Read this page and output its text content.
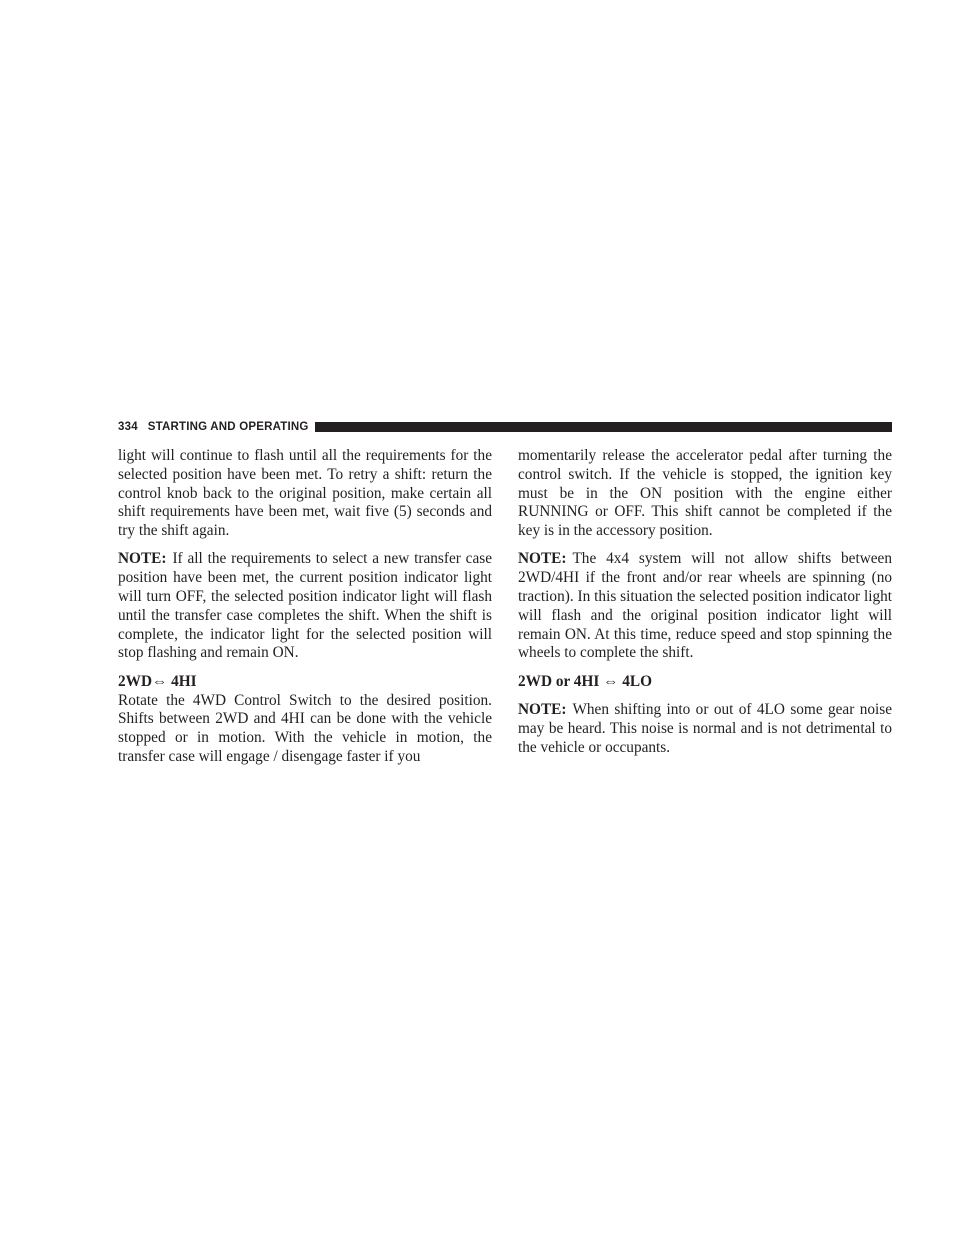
334 STARTING AND OPERATING

light will continue to flash until all the requirements for the selected position have been met. To retry a shift: return the control knob back to the original position, make certain all shift requirements have been met, wait five (5) seconds and try the shift again.

NOTE: If all the requirements to select a new transfer case position have been met, the current position indicator light will turn OFF, the selected position indicator light will flash until the transfer case completes the shift. When the shift is complete, the indicator light for the selected position will stop flashing and remain ON.

2WD⇔ 4HI

Rotate the 4WD Control Switch to the desired position. Shifts between 2WD and 4HI can be done with the vehicle stopped or in motion. With the vehicle in motion, the transfer case will engage / disengage faster if you

momentarily release the accelerator pedal after turning the control switch. If the vehicle is stopped, the ignition key must be in the ON position with the engine either RUNNING or OFF. This shift cannot be completed if the key is in the accessory position.

NOTE: The 4x4 system will not allow shifts between 2WD/4HI if the front and/or rear wheels are spinning (no traction). In this situation the selected position indicator light will flash and the original position indicator light will remain ON. At this time, reduce speed and stop spinning the wheels to complete the shift.

2WD or 4HI ⇔ 4LO

NOTE: When shifting into or out of 4LO some gear noise may be heard. This noise is normal and is not detrimental to the vehicle or occupants.
